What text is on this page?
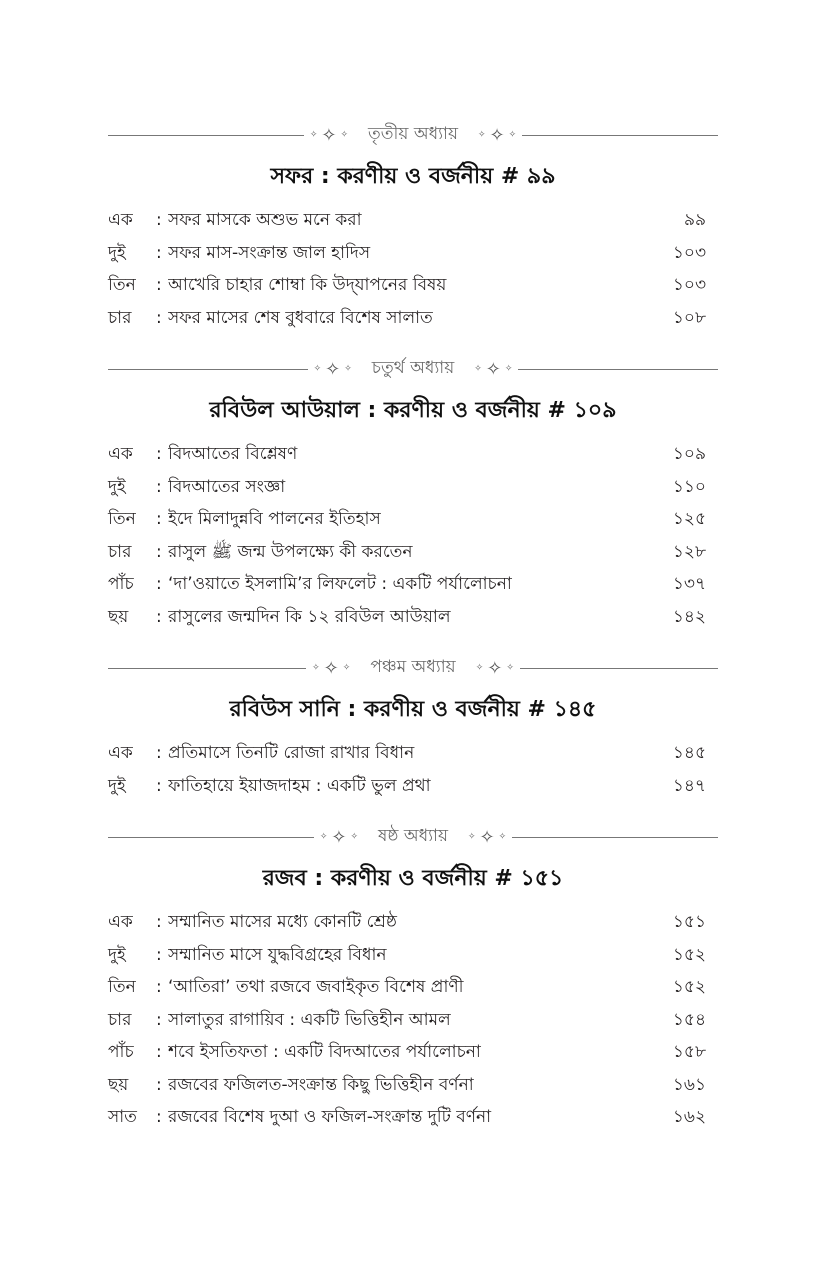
✧ ✧ ✧	তৃতীয় অধ্যায়	✧ ✧ ✧
সফর : করণীয় ও বর্জনীয় # ৯৯
এক	: সফর মাসকে অশুভ মনে করা	৯৯
দুই	: সফর মাস-সংক্রান্ত জাল হাদিস	১০৩
তিন	: আখেরি চাহার শোম্বা কি উদ্‌যাপনের বিষয়	১০৩
চার	: সফর মাসের শেষ বুধবারে বিশেষ সালাত	১০৮
✧ ✧ ✧	চতুর্থ অধ্যায়	✧ ✧ ✧
রবিউল আউয়াল : করণীয় ও বর্জনীয় # ১০৯
এক	: বিদআতের বিশ্লেষণ	১০৯
দুই	: বিদআতের সংজ্ঞা	১১০
তিন	: ইদে মিলাদুন্নবি পালনের ইতিহাস	১২৫
চার	: রাসুল ﷺ জন্ম উপলক্ষ্যে কী করতেন	১২৮
পাঁচ	: ‘দা’ওয়াতে ইসলামি’র লিফলেট : একটি পর্যালোচনা	১৩৭
ছয়	: রাসুলের জন্মদিন কি ১২ রবিউল আউয়াল	১৪২
✧ ✧ ✧	পঞ্চম অধ্যায়	✧ ✧ ✧
রবিউস সানি : করণীয় ও বর্জনীয় # ১৪৫
এক	: প্রতিমাসে তিনটি রোজা রাখার বিধান	১৪৫
দুই	: ফাতিহায়ে ইয়াজদাহম : একটি ভুল প্রথা	১৪৭
✧ ✧ ✧	ষষ্ঠ অধ্যায়	✧ ✧ ✧
রজব : করণীয় ও বর্জনীয় # ১৫১
এক	: সম্মানিত মাসের মধ্যে কোনটি শ্রেষ্ঠ	১৫১
দুই	: সম্মানিত মাসে যুদ্ধবিগ্রহের বিধান	১৫২
তিন	: ‘আতিরা’ তথা রজবে জবাইকৃত বিশেষ প্রাণী	১৫২
চার	: সালাতুর রাগায়িব : একটি ভিত্তিহীন আমল	১৫৪
পাঁচ	: শবে ইসতিফতা : একটি বিদআতের পর্যালোচনা	১৫৮
ছয়	: রজবের ফজিলত-সংক্রান্ত কিছু ভিত্তিহীন বর্ণনা	১৬১
সাত	: রজবের বিশেষ দুআ ও ফজিল-সংক্রান্ত দুটি বর্ণনা	১৬২
